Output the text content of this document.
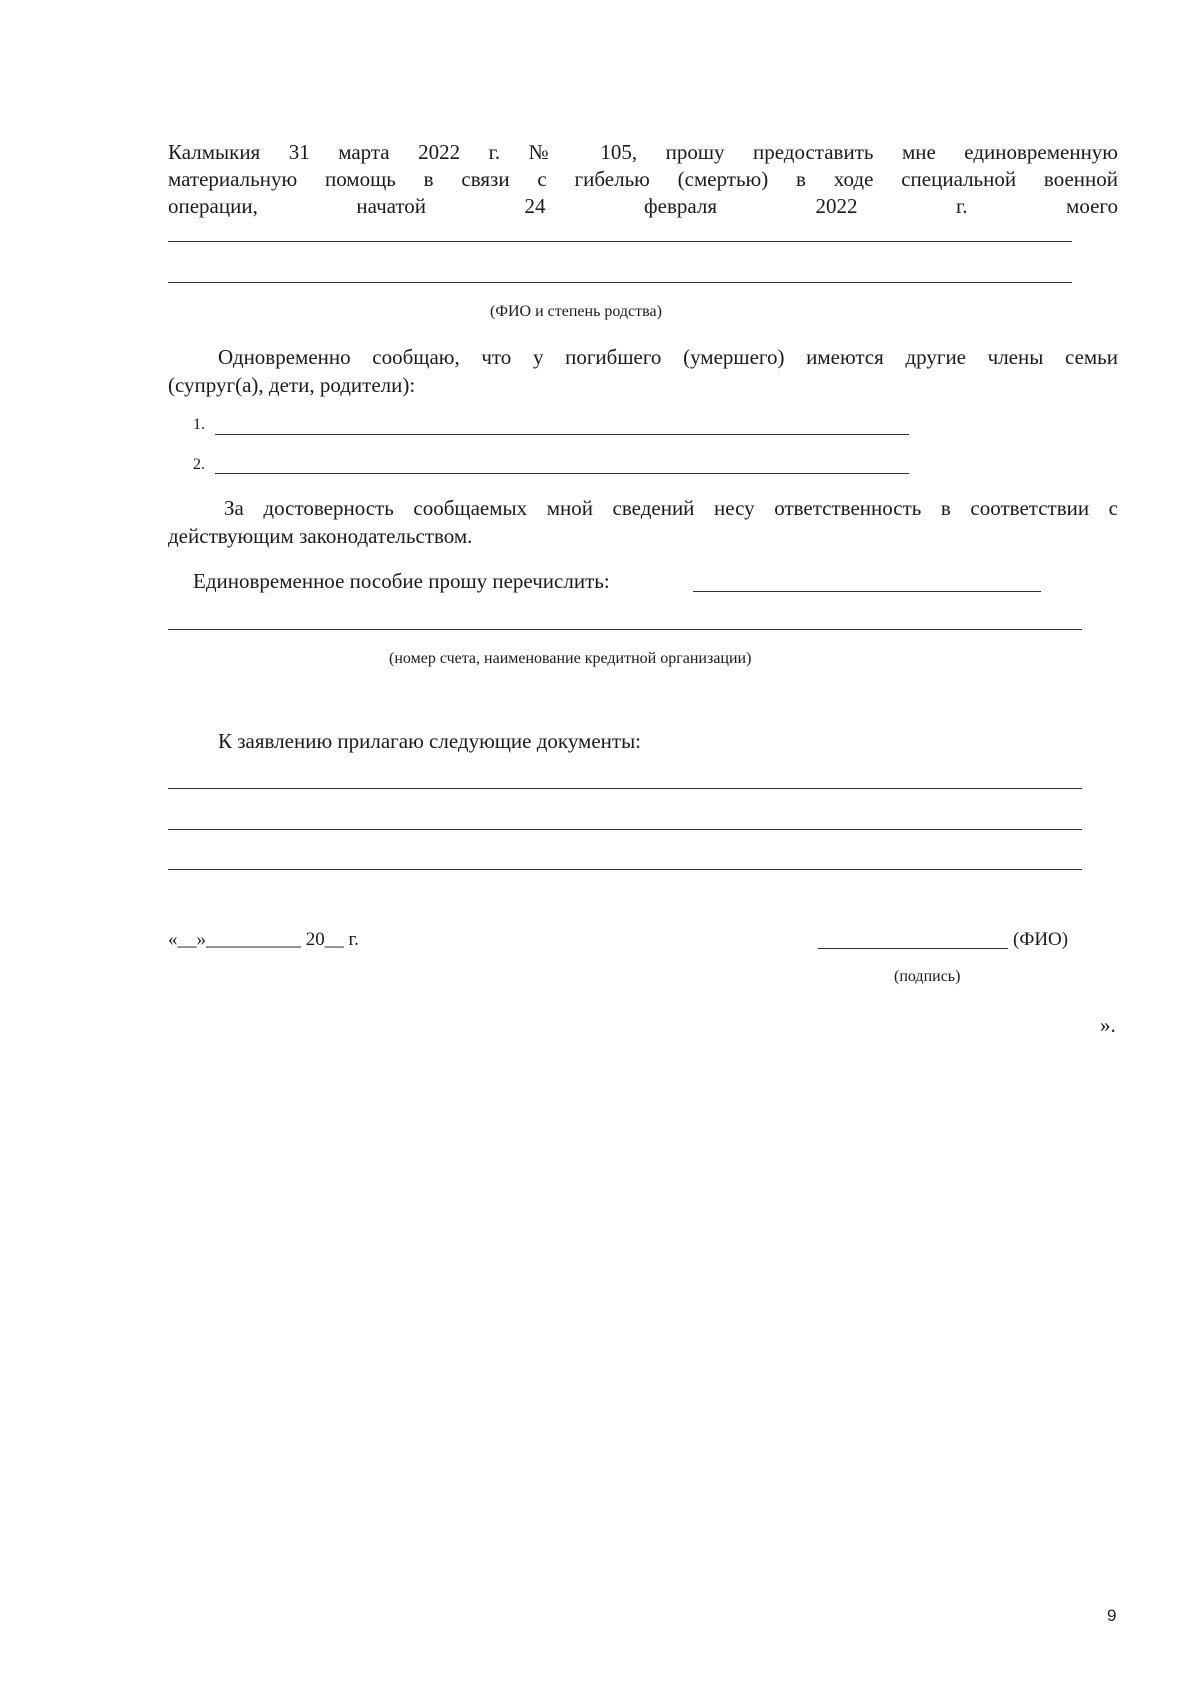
Калмыкия 31 марта 2022 г. № 105, прошу предоставить мне единовременную
материальную помощь в связи с гибелью (смертью) в ходе специальной военной
операции, начатой 24 февраля 2022 г. моего
(ФИО и степень родства)
Одновременно сообщаю, что у погибшего (умершего) имеются другие члены семьи
(супруг(а), дети, родители):
1.
2.
За достоверность сообщаемых мной сведений несу ответственность в соответствии с
действующим законодательством.
Единовременное пособие прошу перечислить:
(номер счета, наименование кредитной организации)
К заявлению прилагаю следующие документы:
«__»__________ 20__ г.	(ФИО)
(подпись)
».
9
